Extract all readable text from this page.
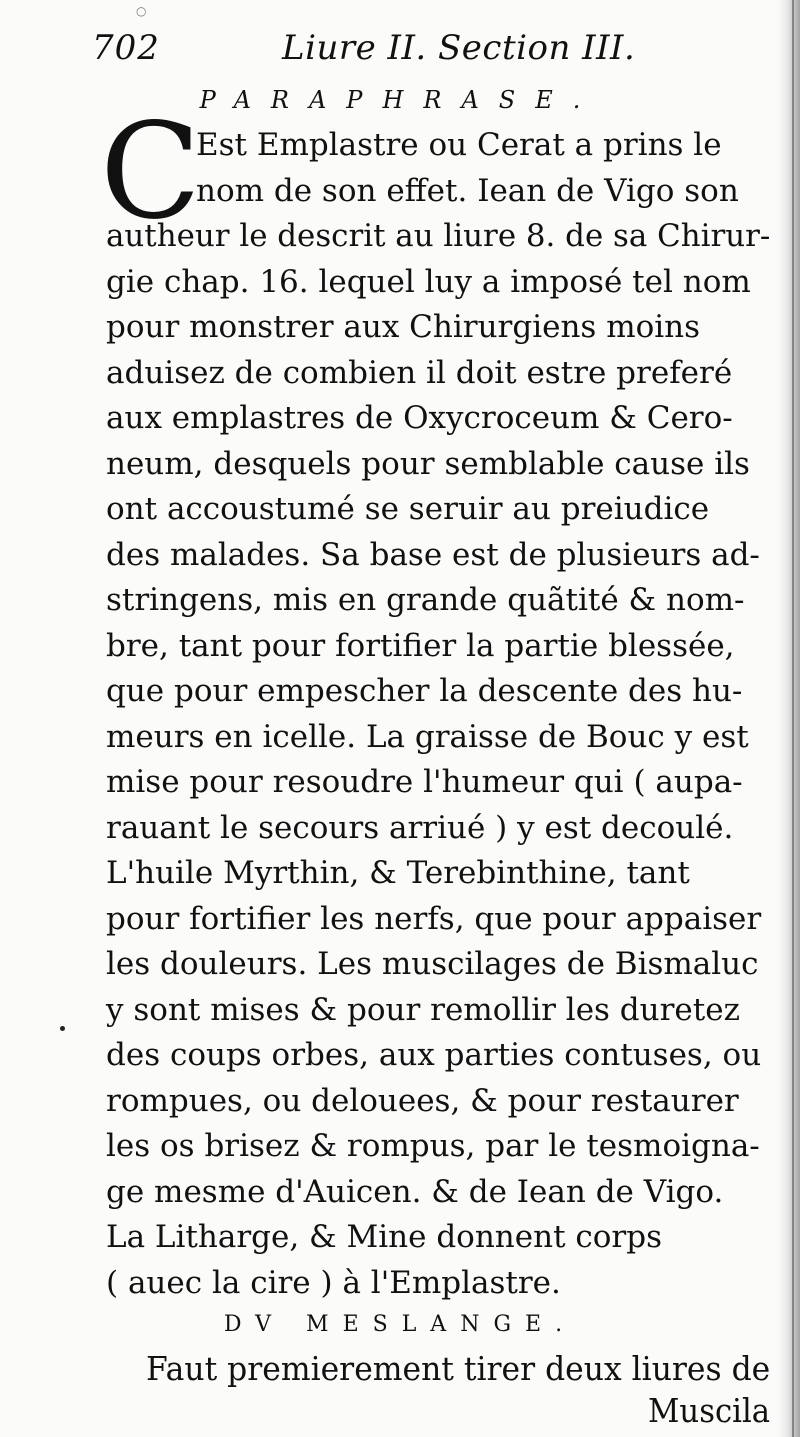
○
702	Liure II. Section III.
PARAPHRASE.
C
Est Emplastre ou Cerat a prins le
nom de son effet. Iean de Vigo son
autheur le descrit au liure 8. de sa Chirur-
gie chap. 16. lequel luy a imposé tel nom
pour monstrer aux Chirurgiens moins
aduisez de combien il doit estre preferé
aux emplastres de Oxycroceum & Cero-
neum, desquels pour semblable cause ils
ont accoustumé se seruir au preiudice
des malades. Sa base est de plusieurs ad-
stringens, mis en grande quãtité & nom-
bre, tant pour fortifier la partie blessée,
que pour empescher la descente des hu-
meurs en icelle. La graisse de Bouc y est
mise pour resoudre l'humeur qui ( aupa-
rauant le secours arriué ) y est decoulé.
L'huile Myrthin, & Terebinthine, tant
pour fortifier les nerfs, que pour appaiser
les douleurs. Les muscilages de Bismaluc
y sont mises & pour remollir les duretez
des coups orbes, aux parties contuses, ou
rompues, ou delouees, & pour restaurer
les os brisez & rompus, par le tesmoigna-
ge mesme d'Auicen. & de Iean de Vigo.
La Litharge, & Mine donnent corps
( auec la cire ) à l'Emplastre.
DV MESLANGE.
Faut premierement tirer deux liures de
Muscila
